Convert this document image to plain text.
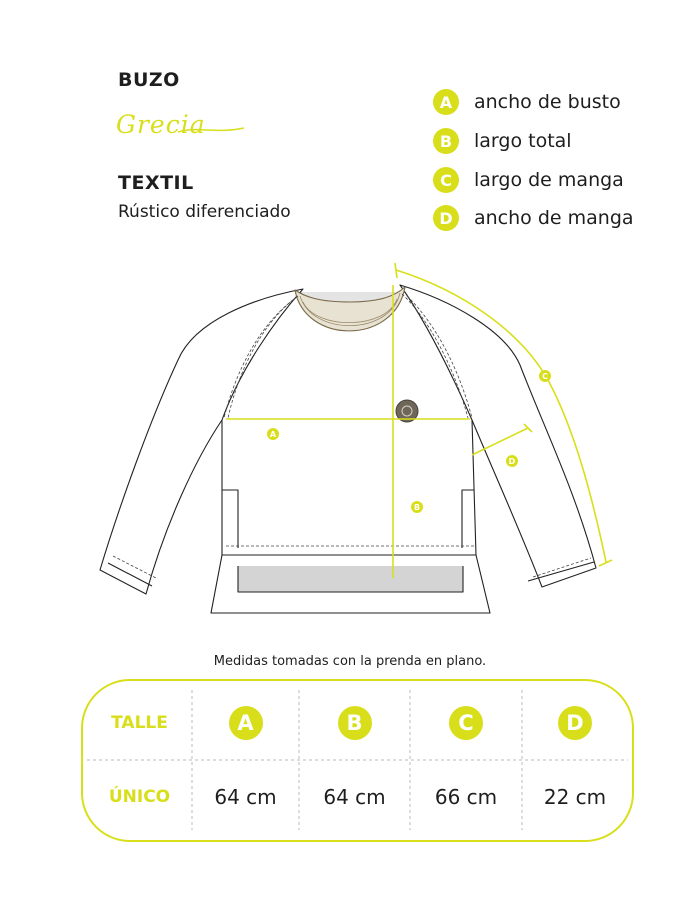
BUZO
Grecia
TEXTIL
Rústico diferenciado
A	ancho de busto
B	largo total
C	largo de manga
D	ancho de manga
A
B
C
D
Medidas tomadas con la prenda en plano.
TALLE	A	B	C	D
ÚNICO 64 cm 64 cm 66 cm 22 cm
